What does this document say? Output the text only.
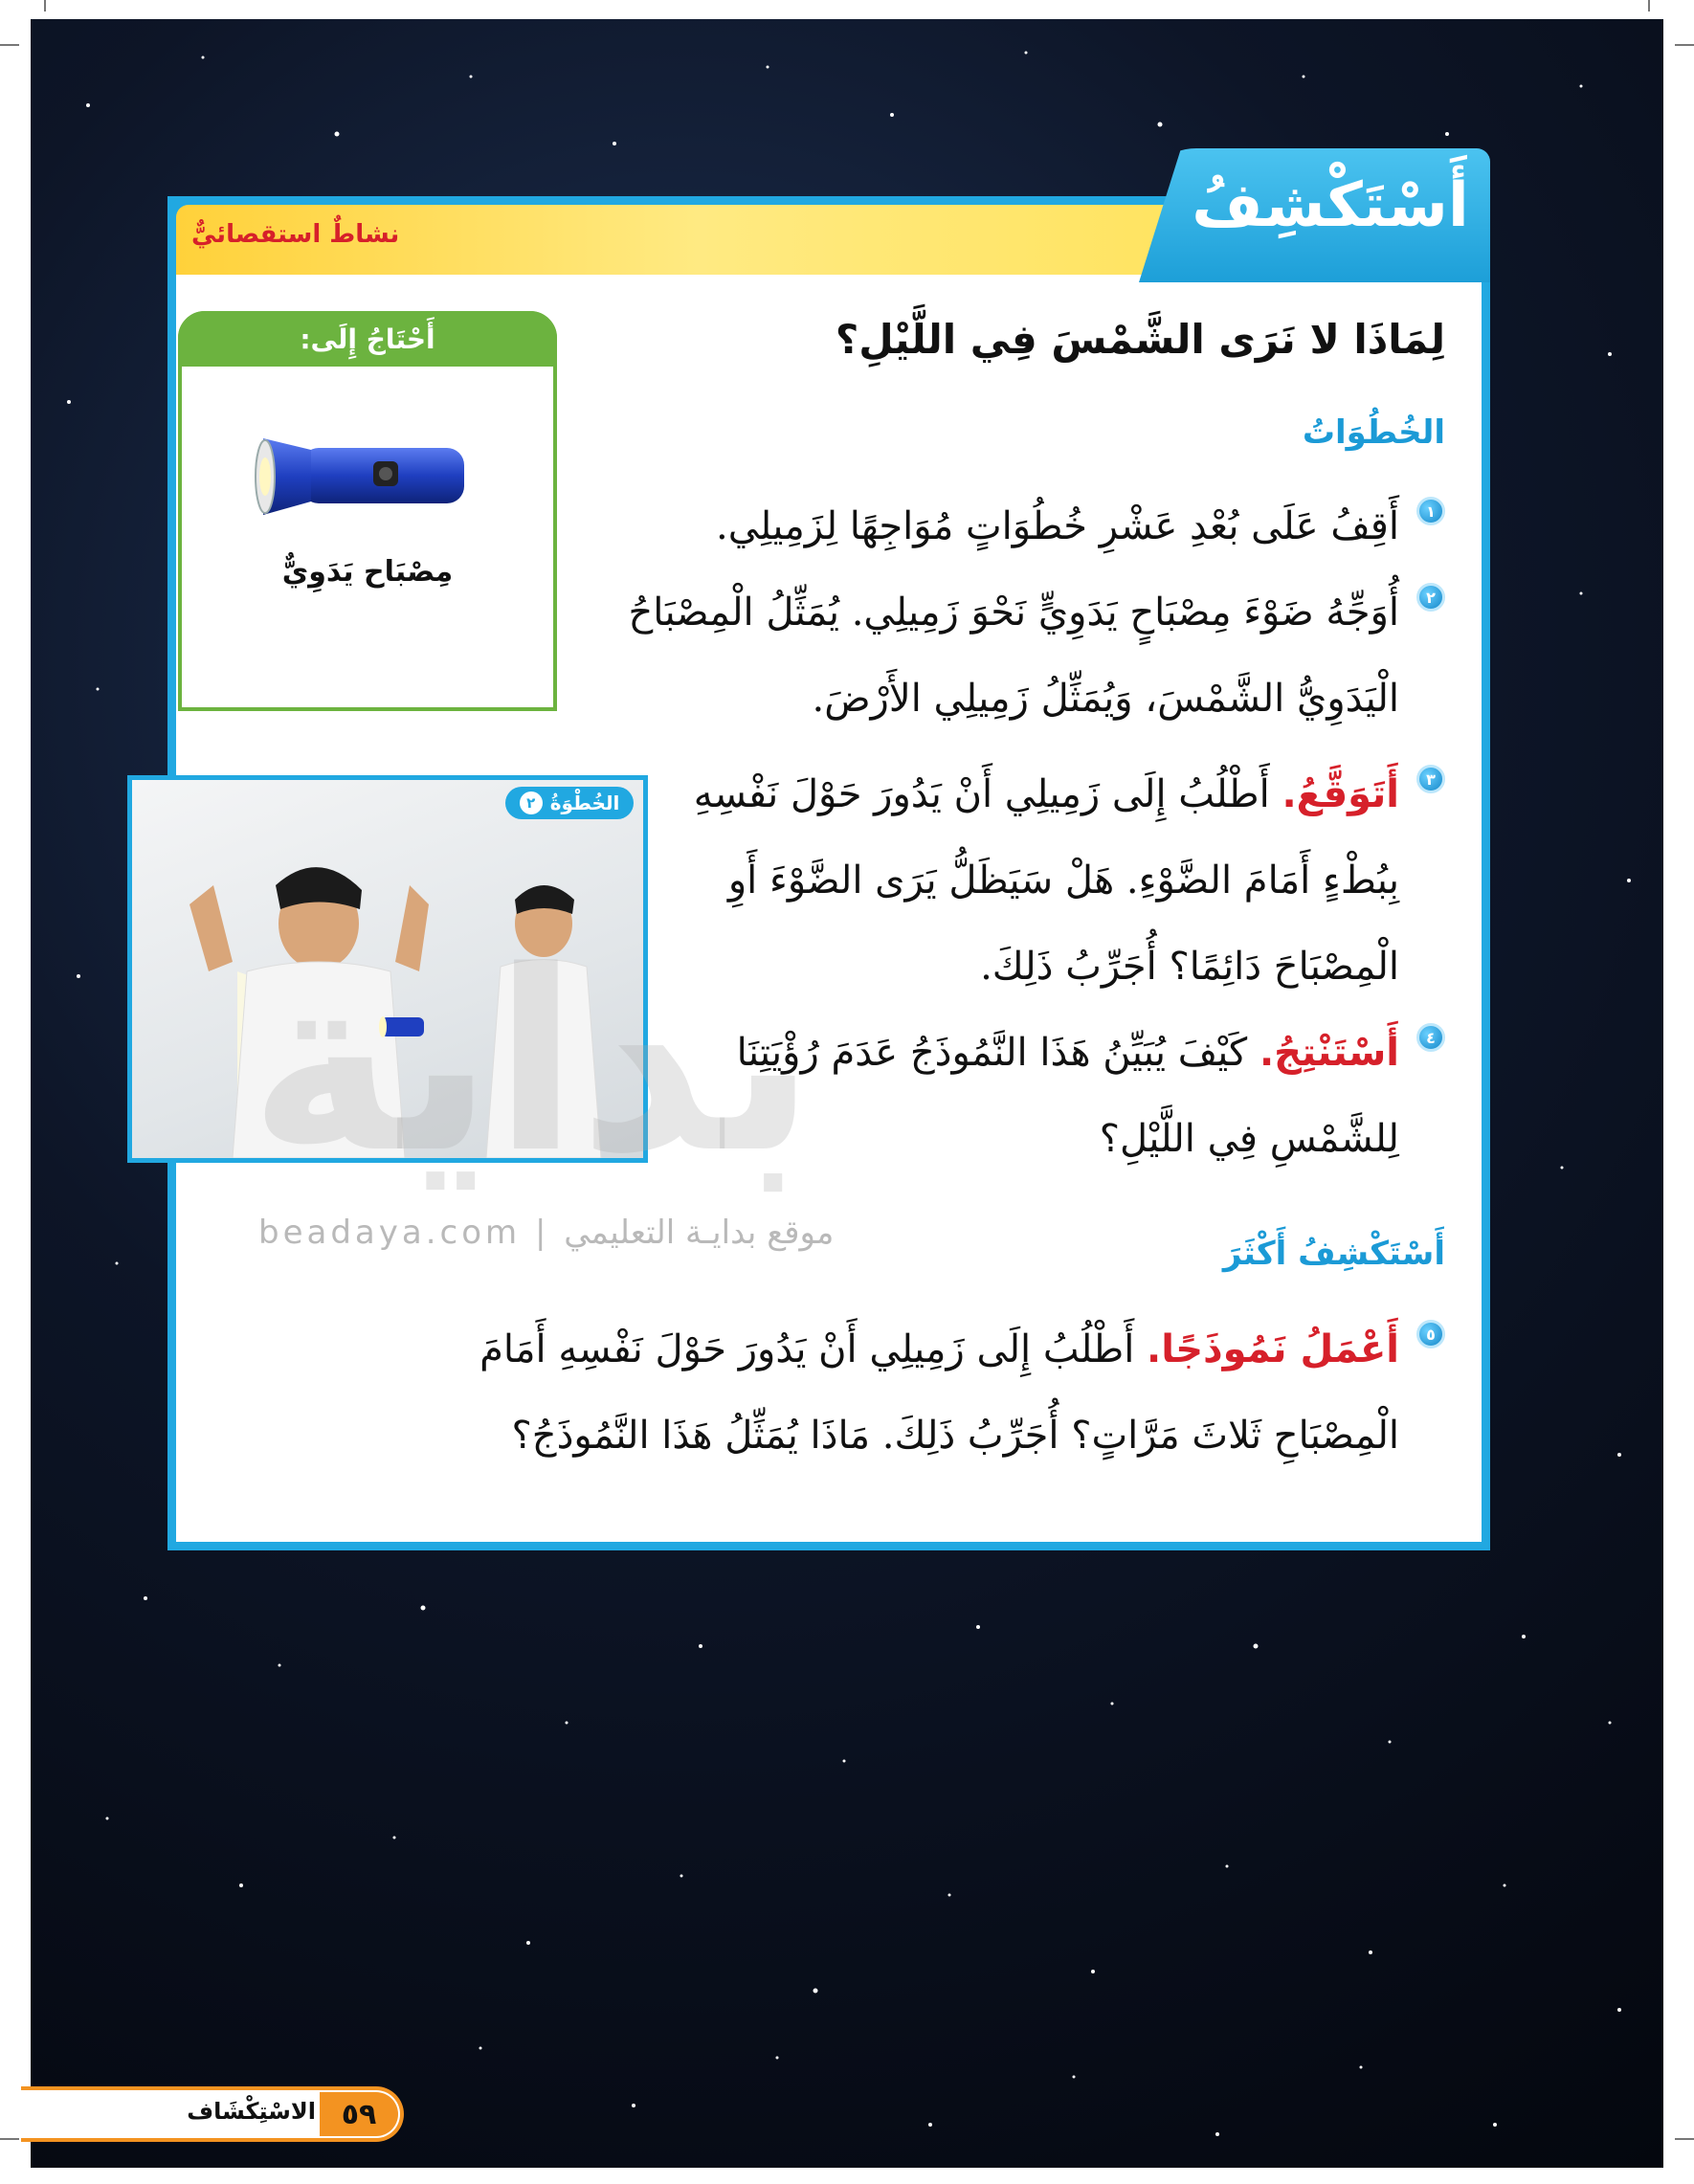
نشاطٌ استقصائيٌّ	أَسْتَكْشِفُ
أَحْتَاجُ إِلَى:
مِصْبَاح يَدَوِيٌّ
لِمَاذَا لا نَرَى الشَّمْسَ فِي اللَّيْلِ؟
الخُطُوَاتُ
١
أَقِفُ عَلَى بُعْدِ عَشْرِ خُطُوَاتٍ مُوَاجِهًا لِزَمِيلِي.
٢
أُوَجِّهُ ضَوْءَ مِصْبَاحٍ يَدَوِيٍّ نَحْوَ زَمِيلِي. يُمَثِّلُ الْمِصْبَاحُ الْيَدَوِيُّ الشَّمْسَ، وَيُمَثِّلُ زَمِيلِي الأَرْضَ.
٣
أَتَوَقَّعُ. أَطْلُبُ إِلَى زَمِيلِي أَنْ يَدُورَ حَوْلَ نَفْسِهِ بِبُطْءٍ أَمَامَ الضَّوْءِ. هَلْ سَيَظَلُّ يَرَى الضَّوْءَ أَوِ الْمِصْبَاحَ دَائِمًا؟ أُجَرِّبُ ذَلِكَ.
٤
أَسْتَنْتِجُ. كَيْفَ يُبَيِّنُ هَذَا النَّمُوذَجُ عَدَمَ رُؤْيَتِنَا لِلشَّمْسِ فِي اللَّيْلِ؟
الخُطْوَةُ
٢
بداية
beadaya.com | موقع بدايـة التعليمي
أَسْتَكْشِفُ أَكْثَرَ
٥
أَعْمَلُ نَمُوذَجًا. أَطْلُبُ إِلَى زَمِيلِي أَنْ يَدُورَ حَوْلَ نَفْسِهِ أَمَامَ الْمِصْبَاحِ ثَلاثَ مَرَّاتٍ؟ أُجَرِّبُ ذَلِكَ. مَاذَا يُمَثِّلُ هَذَا النَّمُوذَجُ؟
٥٩
الاسْتِكْشَاف
